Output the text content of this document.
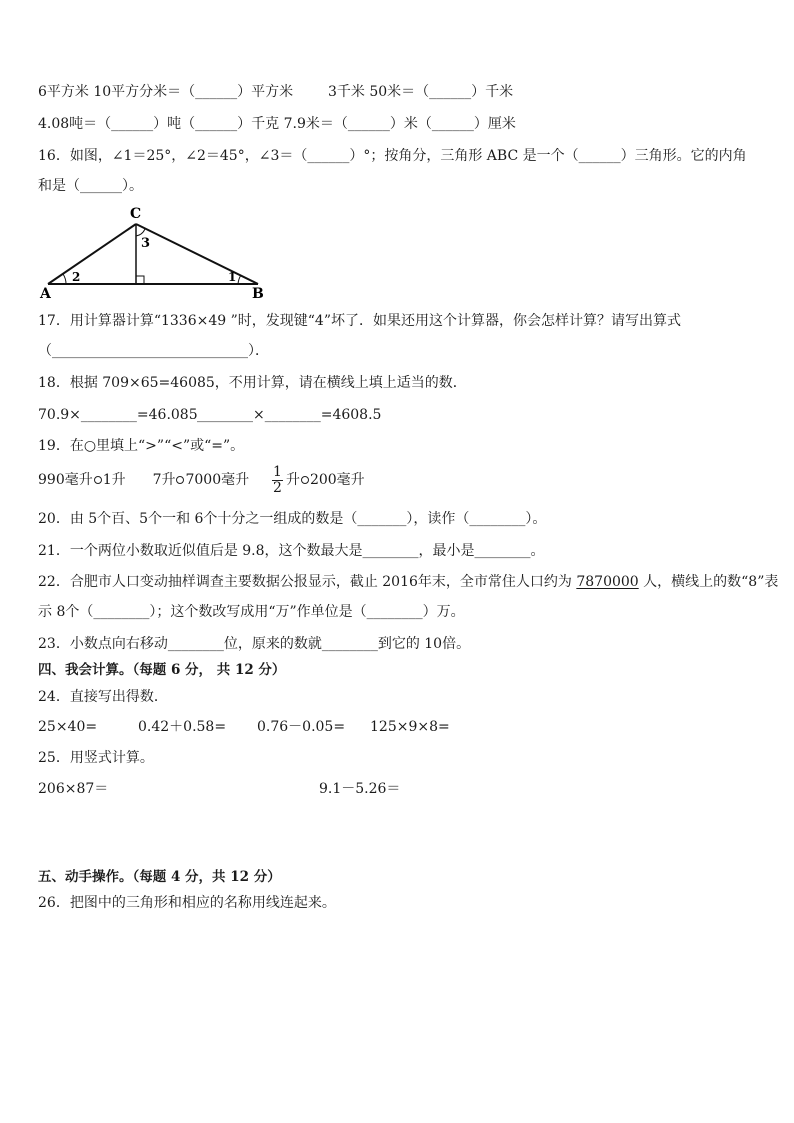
6平方米 10平方分米＝（______）平方米 3千米 50米＝（______）千米
4.08吨＝（______）吨（______）千克 7.9米＝（______）米（______）厘米
16．如图，∠1＝25°，∠2＝45°，∠3＝（______）°；按角分，三角形 ABC 是一个（______）三角形。它的内角
和是（______）。
C
A	B
3
2	1
17．用计算器计算“1336×49 ”时，发现键“4”坏了．如果还用这个计算器，你会怎样计算？请写出算式
（____________________________）．
18．根据 709×65=46085，不用计算，请在横线上填上适当的数．
70.9×________=46.085 ________×________=4608.5
19．在○里填上“>”“<”或“=”。
990毫升 1升 7升 7000毫升 $\frac{1}{2}$ 升 200毫升
20．由 5个百、5个一和 6个十分之一组成的数是（_______），读作（________）。
21．一个两位小数取近似值后是 9.8，这个数最大是________，最小是________。
22．合肥市人口变动抽样调查主要数据公报显示，截止 2016年末，全市常住人口约为 7870000 人，横线上的数“8”表
示 8个（________）；这个数改写成用“万”作单位是（________）万。
23．小数点向右移动________位，原来的数就________到它的 10倍。
四、我会计算。（每题 6 分， 共 12 分）
24．直接写出得数．
25×40=	0.42＋0.58= 0.76－0.05= 125×9×8=
25．用竖式计算。
206×87＝	9.1－5.26＝
五、动手操作。（每题 4 分，共 12 分）
26．把图中的三角形和相应的名称用线连起来。
